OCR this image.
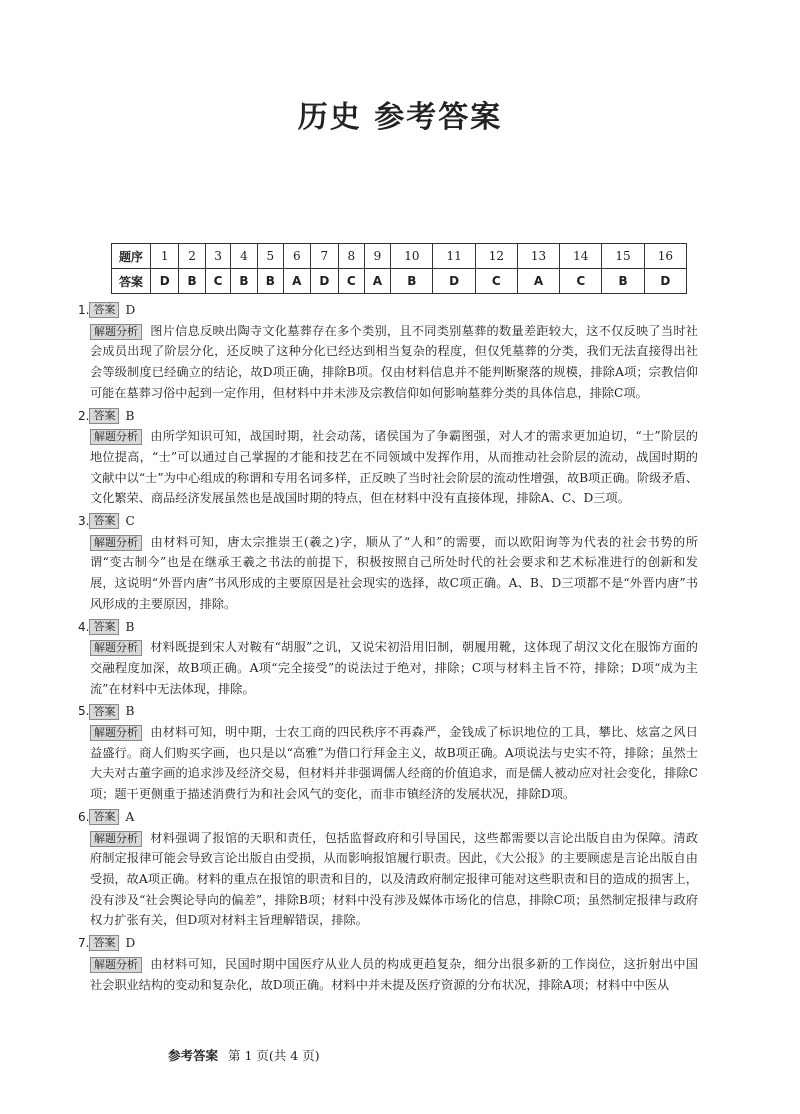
历史 参考答案
题序	1	2	3	4	5	6	7	8	9	10	11	12	13	14	15	16
答案	D	B	C	B	B	A	D	C	A	B	D	C	A	C	B	D
1. 答案 D
解题分析 图片信息反映出陶寺文化墓葬存在多个类别，且不同类别墓葬的数量差距较大，这不仅反映了当时社会成员出现了阶层分化，还反映了这种分化已经达到相当复杂的程度，但仅凭墓葬的分类，我们无法直接得出社会等级制度已经确立的结论，故D项正确，排除B项。仅由材料信息并不能判断聚落的规模，排除A项；宗教信仰可能在墓葬习俗中起到一定作用，但材料中并未涉及宗教信仰如何影响墓葬分类的具体信息，排除C项。
2. 答案 B
解题分析 由所学知识可知，战国时期，社会动荡，诸侯国为了争霸图强，对人才的需求更加迫切，“士”阶层的地位提高，“士”可以通过自己掌握的才能和技艺在不同领域中发挥作用，从而推动社会阶层的流动，战国时期的文献中以“士”为中心组成的称谓和专用名词多样，正反映了当时社会阶层的流动性增强，故B项正确。阶级矛盾、文化繁荣、商品经济发展虽然也是战国时期的特点，但在材料中没有直接体现，排除A、C、D三项。
3. 答案 C
解题分析 由材料可知，唐太宗推崇王(羲之)字，顺从了“人和”的需要，而以欧阳询等为代表的社会书势的所谓“变古制今”也是在继承王羲之书法的前提下，积极按照自己所处时代的社会要求和艺术标准进行的创新和发展，这说明“外晋内唐”书风形成的主要原因是社会现实的选择，故C项正确。A、B、D三项都不是“外晋内唐”书风形成的主要原因，排除。
4. 答案 B
解题分析 材料既提到宋人对鞍有“胡服”之讥，又说宋初沿用旧制，朝履用靴，这体现了胡汉文化在服饰方面的交融程度加深，故B项正确。A项“完全接受”的说法过于绝对，排除；C项与材料主旨不符，排除；D项“成为主流”在材料中无法体现，排除。
5. 答案 B
解题分析 由材料可知，明中期，士农工商的四民秩序不再森严，金钱成了标识地位的工具，攀比、炫富之风日益盛行。商人们购买字画，也只是以“高雅”为借口行拜金主义，故B项正确。A项说法与史实不符，排除；虽然士大夫对古董字画的追求涉及经济交易，但材料并非强调儒人经商的价值追求，而是儒人被动应对社会变化，排除C项；题干更侧重于描述消费行为和社会风气的变化，而非市镇经济的发展状况，排除D项。
6. 答案 A
解题分析 材料强调了报馆的天职和责任，包括监督政府和引导国民，这些都需要以言论出版自由为保障。清政府制定报律可能会导致言论出版自由受损，从而影响报馆履行职责。因此，《大公报》的主要顾虑是言论出版自由受损，故A项正确。材料的重点在报馆的职责和目的，以及清政府制定报律可能对这些职责和目的造成的损害上，没有涉及“社会舆论导向的偏差”，排除B项；材料中没有涉及媒体市场化的信息，排除C项；虽然制定报律与政府权力扩张有关，但D项对材料主旨理解错误，排除。
7. 答案 D
解题分析 由材料可知，民国时期中国医疗从业人员的构成更趋复杂，细分出很多新的工作岗位，这折射出中国社会职业结构的变动和复杂化，故D项正确。材料中并未提及医疗资源的分布状况，排除A项；材料中中医从
参考答案 第 1 页(共 4 页)
